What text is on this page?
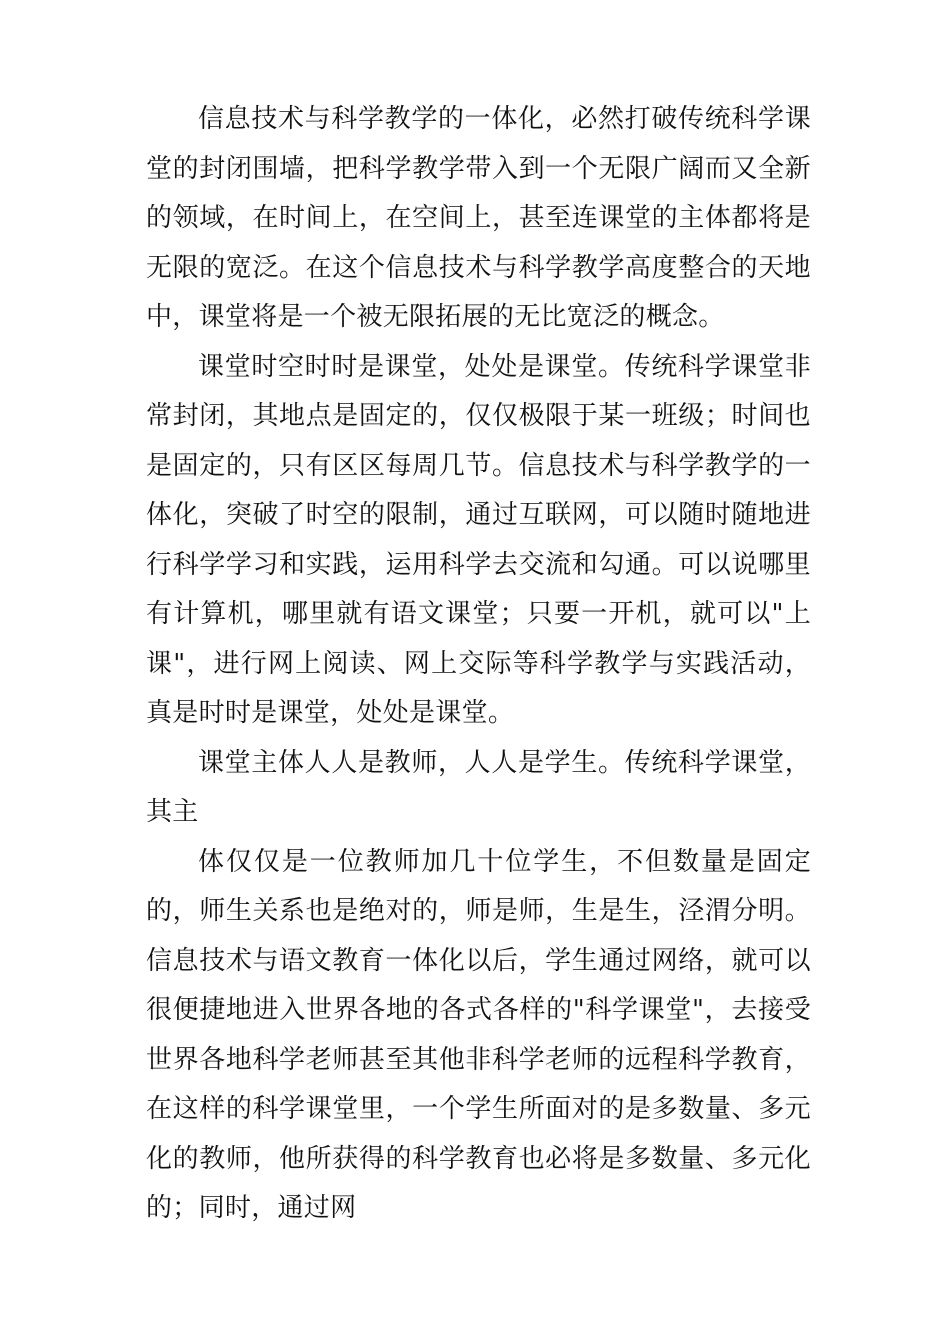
信息技术与科学教学的一体化，必然打破传统科学课堂的封闭围墙，把科学教学带入到一个无限广阔而又全新的领域，在时间上，在空间上，甚至连课堂的主体都将是无限的宽泛。在这个信息技术与科学教学高度整合的天地中，课堂将是一个被无限拓展的无比宽泛的概念。

课堂时空时时是课堂，处处是课堂。传统科学课堂非常封闭，其地点是固定的，仅仅极限于某一班级；时间也是固定的，只有区区每周几节。信息技术与科学教学的一体化，突破了时空的限制，通过互联网，可以随时随地进行科学学习和实践，运用科学去交流和勾通。可以说哪里有计算机，哪里就有语文课堂；只要一开机，就可以"上课"，进行网上阅读、网上交际等科学教学与实践活动，真是时时是课堂，处处是课堂。

课堂主体人人是教师，人人是学生。传统科学课堂，其主

体仅仅是一位教师加几十位学生，不但数量是固定的，师生关系也是绝对的，师是师，生是生，泾渭分明。信息技术与语文教育一体化以后，学生通过网络，就可以很便捷地进入世界各地的各式各样的"科学课堂"，去接受世界各地科学老师甚至其他非科学老师的远程科学教育，在这样的科学课堂里，一个学生所面对的是多数量、多元化的教师，他所获得的科学教育也必将是多数量、多元化的；同时，通过网
